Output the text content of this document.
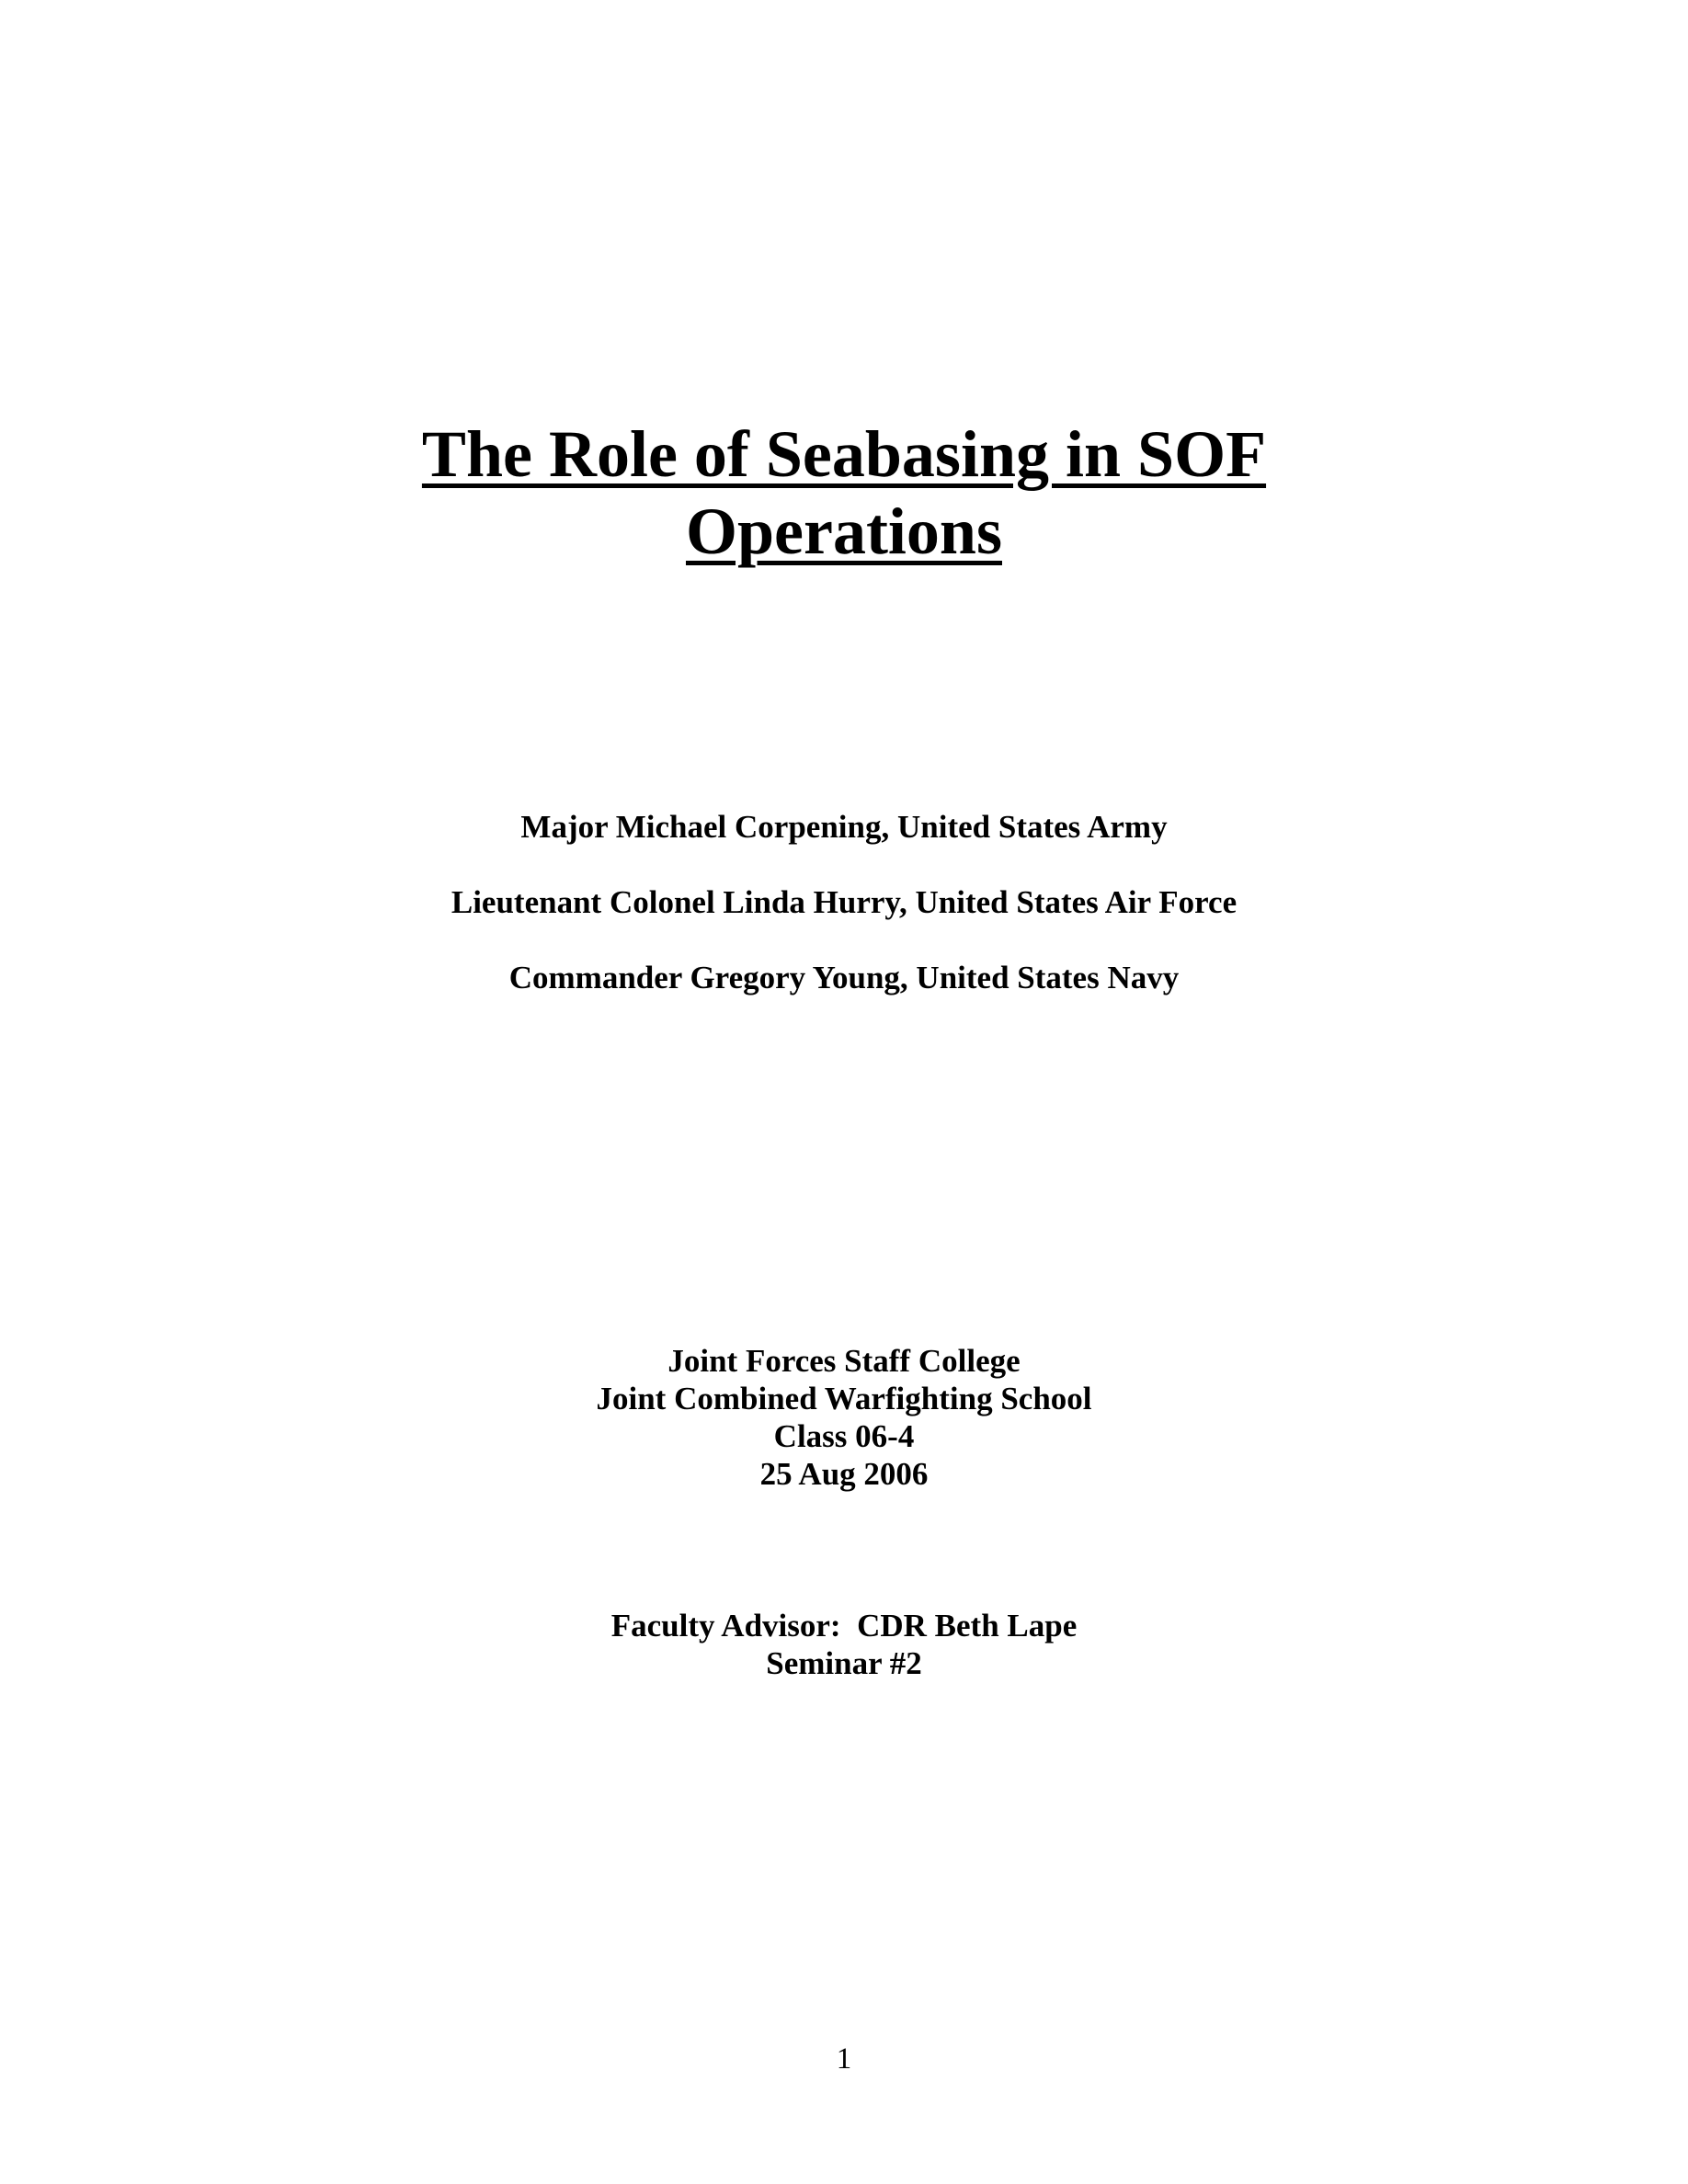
The Role of Seabasing in SOF
Operations
Major Michael Corpening, United States Army
Lieutenant Colonel Linda Hurry, United States Air Force
Commander Gregory Young, United States Navy
Joint Forces Staff College
Joint Combined Warfighting School
Class 06-4
25 Aug 2006
Faculty Advisor:  CDR Beth Lape
Seminar #2
1
